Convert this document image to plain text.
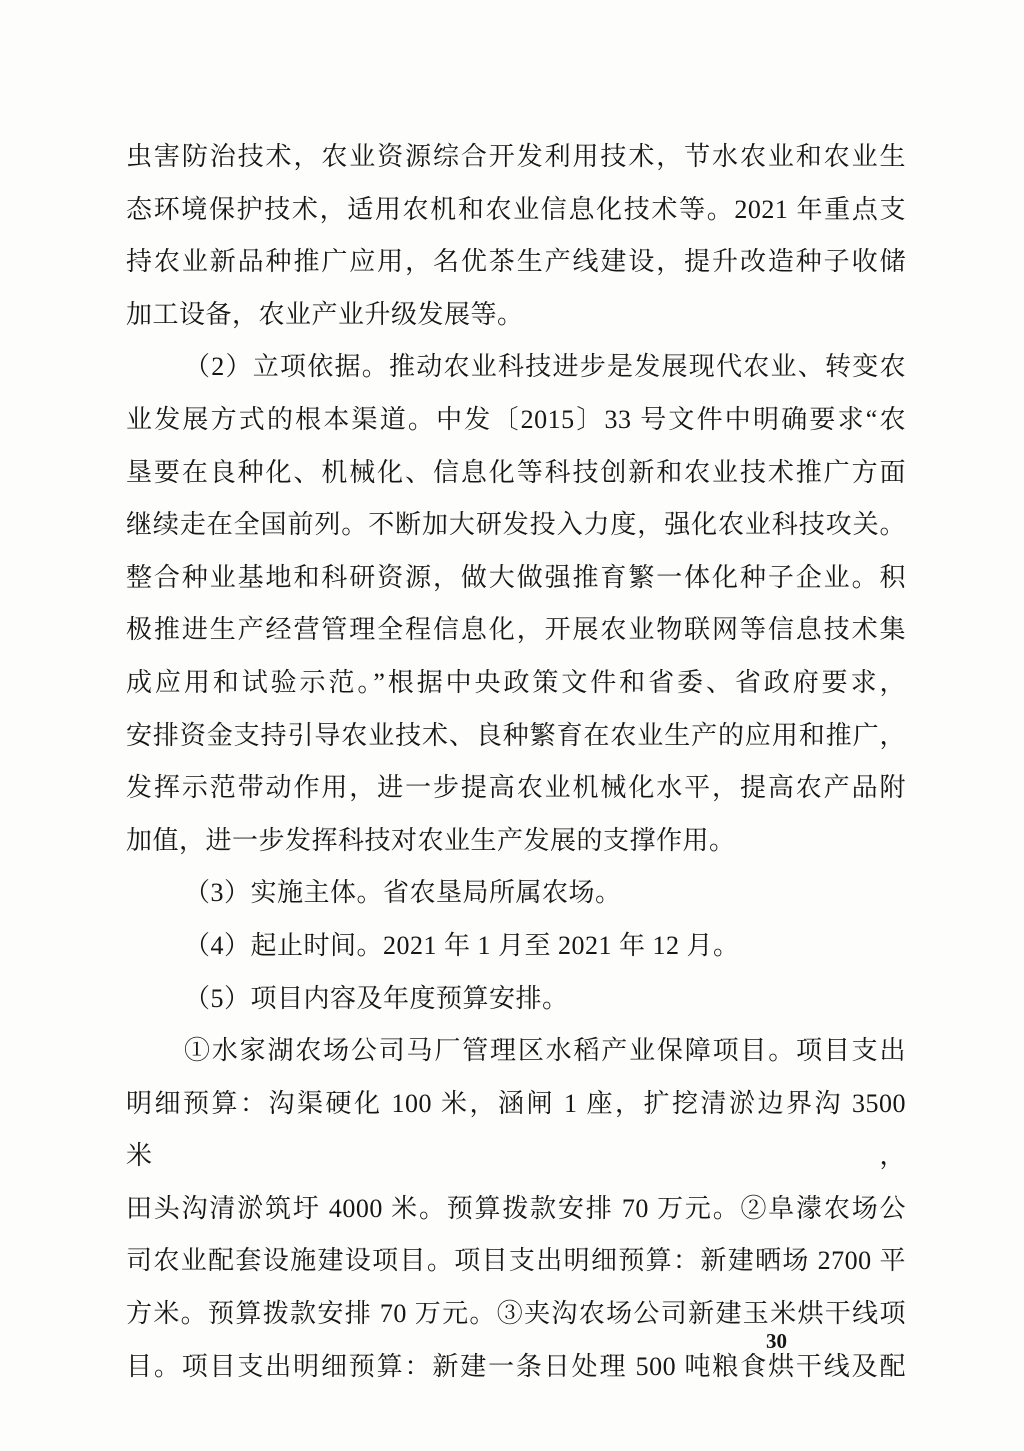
虫害防治技术，农业资源综合开发利用技术，节水农业和农业生
态环境保护技术，适用农机和农业信息化技术等。2021 年重点支
持农业新品种推广应用，名优茶生产线建设，提升改造种子收储
加工设备，农业产业升级发展等。
（2）立项依据。推动农业科技进步是发展现代农业、转变农
业发展方式的根本渠道。中发〔2015〕33 号文件中明确要求“农
垦要在良种化、机械化、信息化等科技创新和农业技术推广方面
继续走在全国前列。不断加大研发投入力度，强化农业科技攻关。
整合种业基地和科研资源，做大做强推育繁一体化种子企业。积
极推进生产经营管理全程信息化，开展农业物联网等信息技术集
成应用和试验示范。”根据中央政策文件和省委、省政府要求，
安排资金支持引导农业技术、良种繁育在农业生产的应用和推广，
发挥示范带动作用，进一步提高农业机械化水平，提高农产品附
加值，进一步发挥科技对农业生产发展的支撑作用。
（3）实施主体。省农垦局所属农场。
（4）起止时间。2021 年 1 月至 2021 年 12 月。
（5）项目内容及年度预算安排。
①水家湖农场公司马厂管理区水稻产业保障项目。项目支出
明细预算：沟渠硬化 100 米，涵闸 1 座，扩挖清淤边界沟 3500 米，
田头沟清淤筑圩 4000 米。预算拨款安排 70 万元。②阜濛农场公
司农业配套设施建设项目。项目支出明细预算：新建晒场 2700 平
方米。预算拨款安排 70 万元。③夹沟农场公司新建玉米烘干线项
目。项目支出明细预算：新建一条日处理 500 吨粮食烘干线及配
30
